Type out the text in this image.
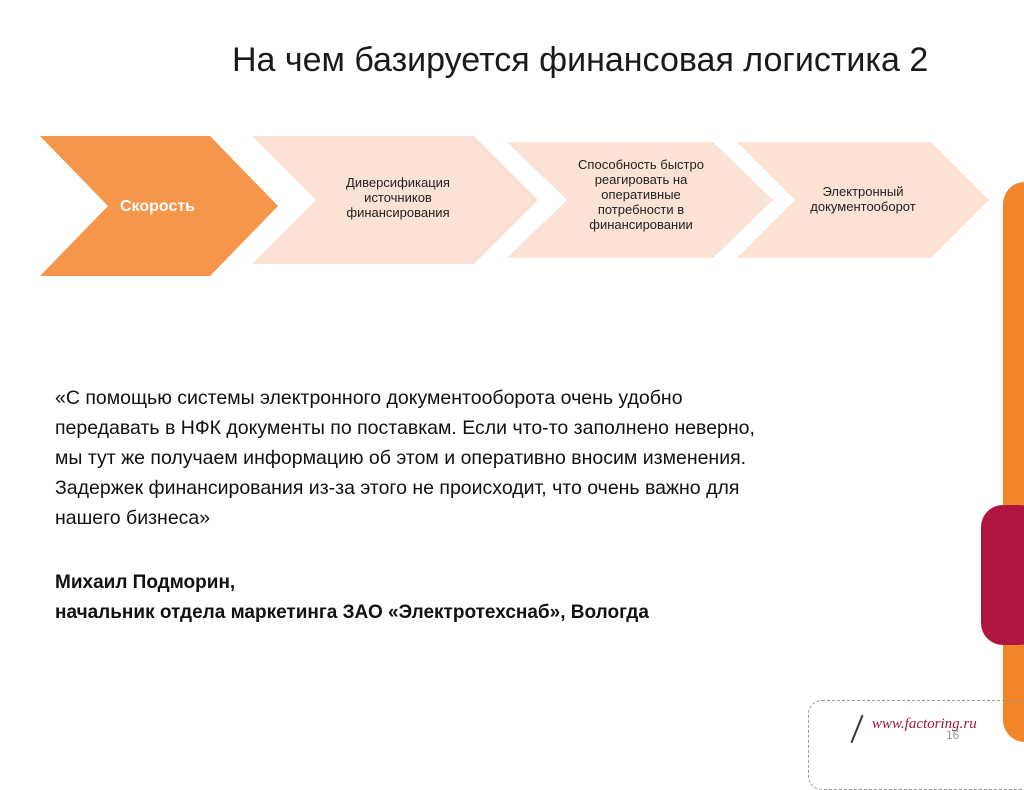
На чем базируется финансовая логистика 2
Скорость
Диверсификация источников финансирования
Способность быстро реагировать на оперативные потребности в финансировании
Электронный документооборот
«С помощью системы электронного документооборота очень удобно
передавать в НФК документы по поставкам. Если что-то заполнено неверно,
мы тут же получаем информацию об этом и оперативно вносим изменения.
Задержек финансирования из-за этого не происходит, что очень важно для
нашего бизнеса»
Михаил Подморин,
начальник отдела маркетинга ЗАО «Электротехснаб», Вологда
www.factoring.ru
16
